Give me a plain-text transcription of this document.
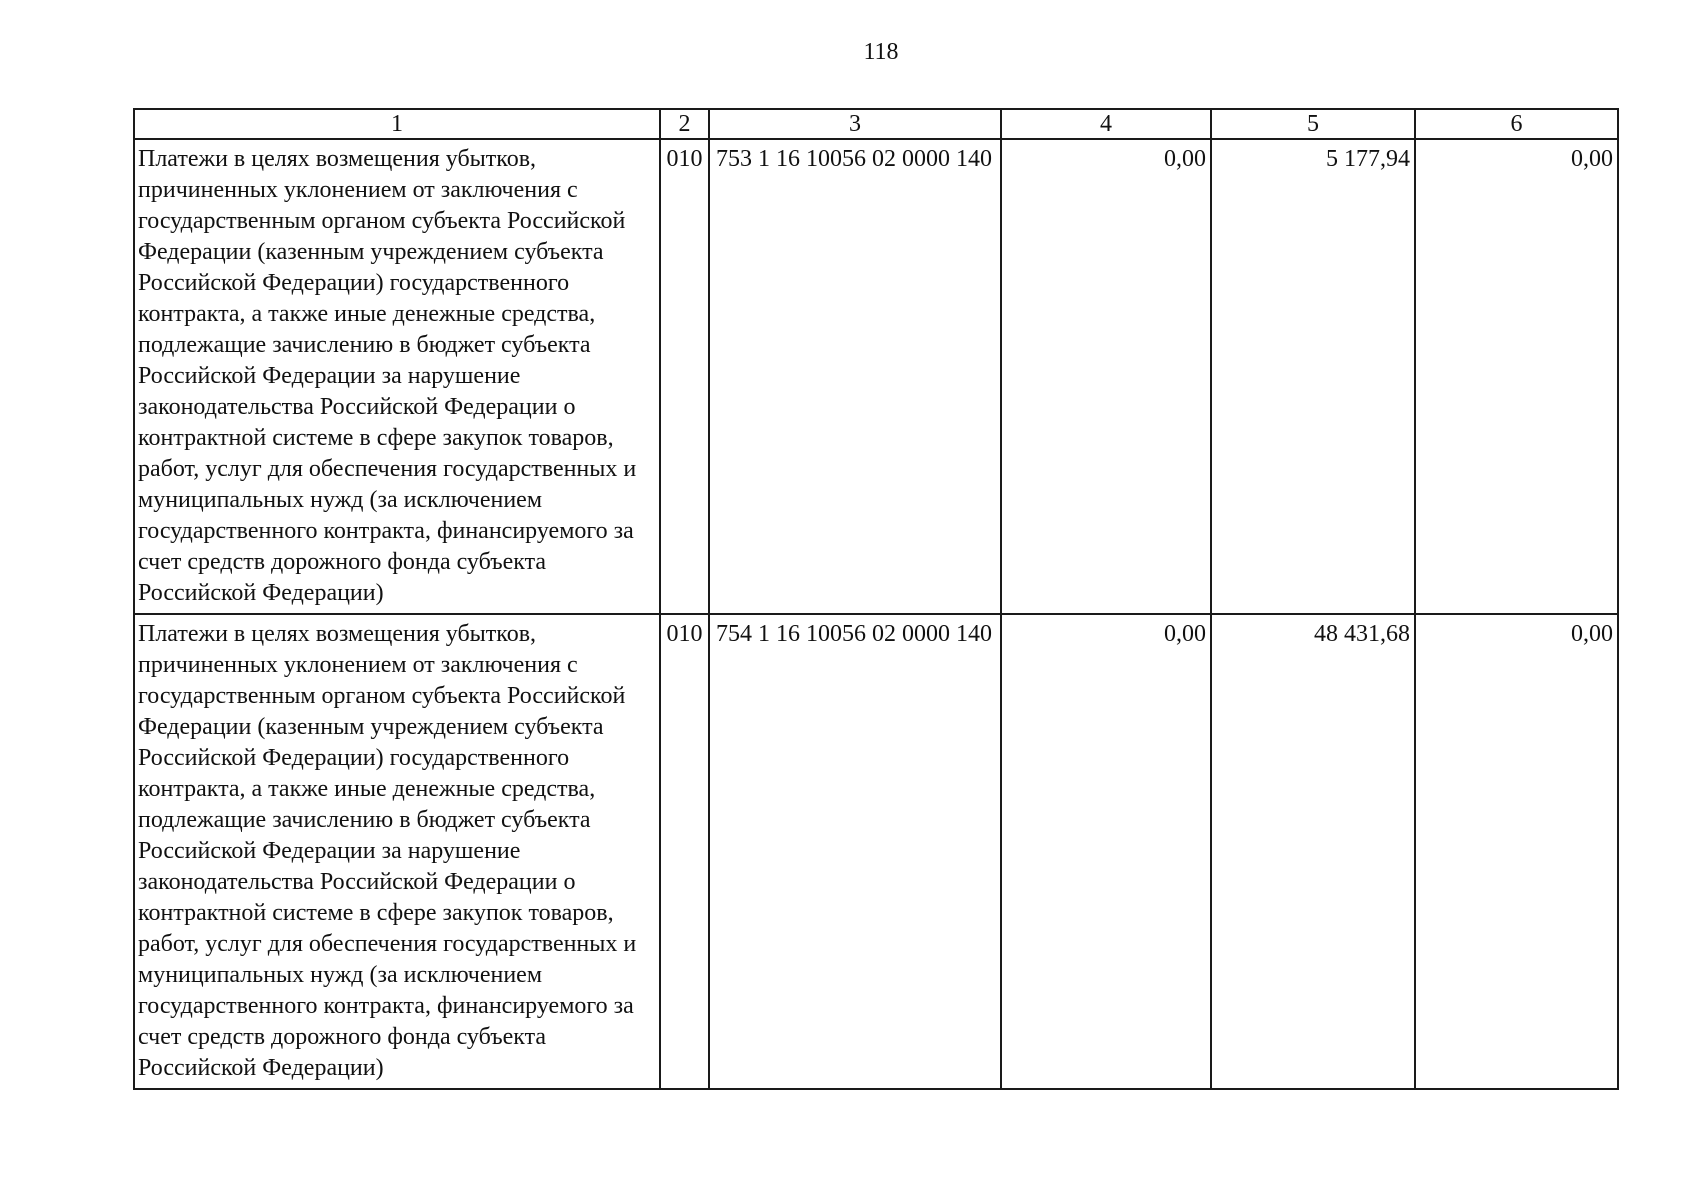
118
1	2	3	4	5	6
Платежи в целях возмещения убытков, причиненных уклонением от заключения с государственным органом субъекта Российской Федерации (казенным учреждением субъекта Российской Федерации) государственного контракта, а также иные денежные средства, подлежащие зачислению в бюджет субъекта Российской Федерации за нарушение законодательства Российской Федерации о контрактной системе в сфере закупок товаров, работ, услуг для обеспечения государственных и муниципальных нужд (за исключением государственного контракта, финансируемого за счет средств дорожного фонда субъекта Российской Федерации)	010	753 1 16 10056 02 0000 140	0,00	5 177,94	0,00
Платежи в целях возмещения убытков, причиненных уклонением от заключения с государственным органом субъекта Российской Федерации (казенным учреждением субъекта Российской Федерации) государственного контракта, а также иные денежные средства, подлежащие зачислению в бюджет субъекта Российской Федерации за нарушение законодательства Российской Федерации о контрактной системе в сфере закупок товаров, работ, услуг для обеспечения государственных и муниципальных нужд (за исключением государственного контракта, финансируемого за счет средств дорожного фонда субъекта Российской Федерации)	010	754 1 16 10056 02 0000 140	0,00	48 431,68	0,00
